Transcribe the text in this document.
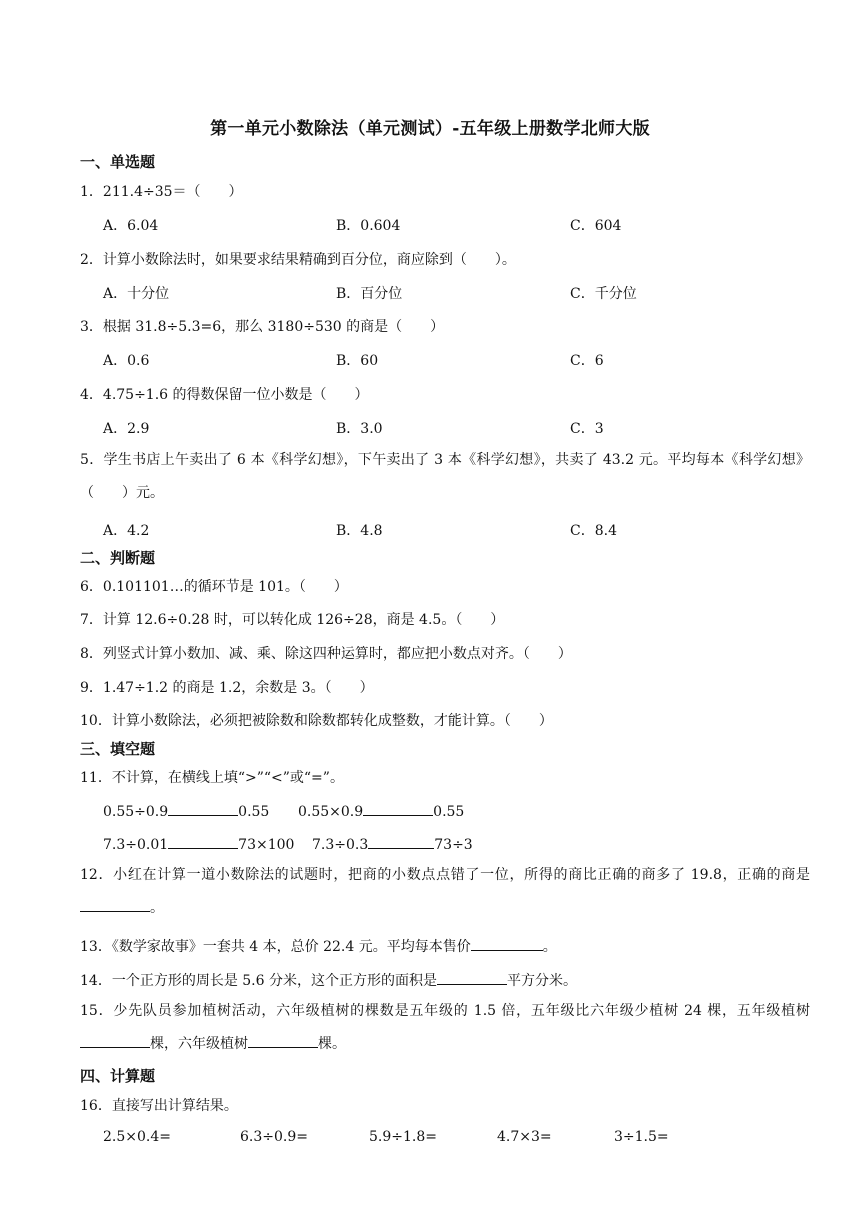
第一单元小数除法（单元测试）-五年级上册数学北师大版
一、单选题
1．211.4÷35＝（　　）
A．6.04	B．0.604	C．604
2．计算小数除法时，如果要求结果精确到百分位，商应除到（　　）。
A．十分位	B．百分位	C．千分位
3．根据 31.8÷5.3=6，那么 3180÷530 的商是（　　）
A．0.6	B．60	C．6
4．4.75÷1.6 的得数保留一位小数是（　　）
A．2.9	B．3.0	C．3
5．学生书店上午卖出了 6 本《科学幻想》，下午卖出了 3 本《科学幻想》，共卖了 43.2 元。平均每本《科学幻想》（　　）元。
A．4.2	B．4.8	C．8.4
二、判断题
6．0.101101…的循环节是 101。（　　）
7．计算 12.6÷0.28 时，可以转化成 126÷28，商是 4.5。（　　）
8．列竖式计算小数加、减、乘、除这四种运算时，都应把小数点对齐。（　　）
9．1.47÷1.2 的商是 1.2，余数是 3。（　　）
10．计算小数除法，必须把被除数和除数都转化成整数，才能计算。（　　）
三、填空题
11．不计算，在横线上填“>”“<”或“=”。
0.55÷0.9	0.55 0.55×0.9	0.55
7.3÷0.01	73×100 7.3÷0.3	73÷3
12．小红在计算一道小数除法的试题时，把商的小数点点错了一位，所得的商比正确的商多了 19.8，正确的商是。
13．《数学家故事》一套共 4 本，总价 22.4 元。平均每本售价	。
14．一个正方形的周长是 5.6 分米，这个正方形的面积是	平方分米。
15．少先队员参加植树活动，六年级植树的棵数是五年级的 1.5 倍，五年级比六年级少植树 24 棵，五年级植树棵，六年级植树	棵。
四、计算题
16．直接写出计算结果。
2.5×0.4=	6.3÷0.9=	5.9÷1.8=	4.7×3=	3÷1.5=
